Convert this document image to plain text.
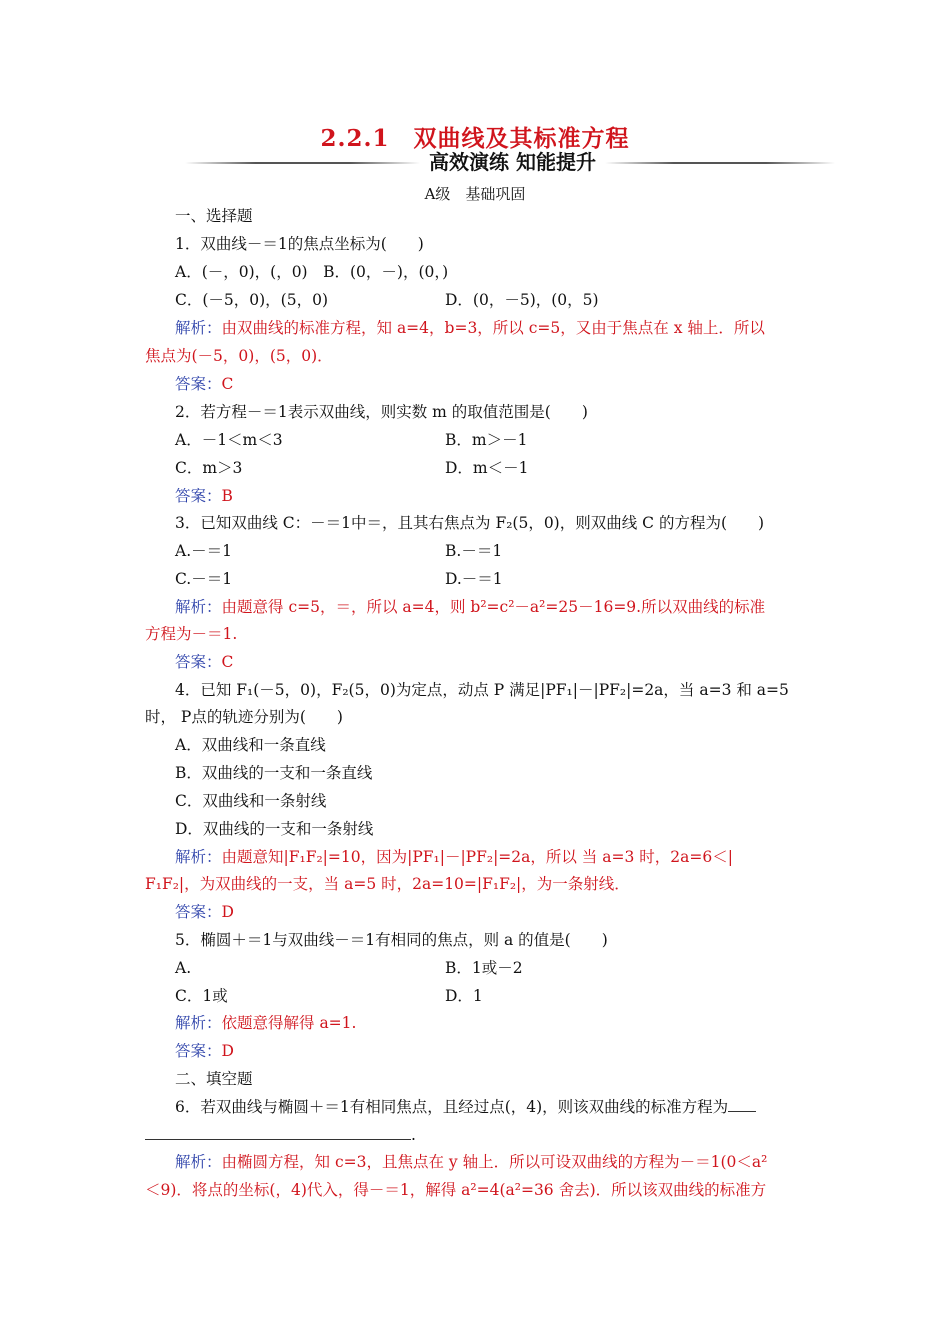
2.2.1　双曲线及其标准方程
高效演练 知能提升
A级　基础巩固
一、选择题
1．双曲线－＝1的焦点坐标为(　　)
A．(－，0)，(，0)　B．(0，－)，(0，)
C．(－5，0)，(5，0)	D．(0，－5)，(0，5)
解析：由双曲线的标准方程，知 a=4，b=3，所以 c=5，又由于焦点在 x 轴上．所以
焦点为(－5，0)，(5，0)．
答案：C
2．若方程－＝1表示双曲线，则实数 m 的取值范围是(　　)
A．－1＜m＜3	B．m＞－1
C．m＞3	D．m＜－1
答案：B
3．已知双曲线 C：－＝1中＝，且其右焦点为 F₂(5，0)，则双曲线 C 的方程为(　　)
A.－＝1	B.－＝1
C.－＝1	D.－＝1
解析：由题意得 c=5，＝，所以 a=4，则 b²=c²－a²=25－16=9.所以双曲线的标准
方程为－＝1.
答案：C
4．已知 F₁(－5，0)，F₂(5，0)为定点，动点 P 满足|PF₁|－|PF₂|=2a，当 a=3 和 a=5
时， P点的轨迹分别为(　　)
A．双曲线和一条直线
B．双曲线的一支和一条直线
C．双曲线和一条射线
D．双曲线的一支和一条射线
解析：由题意知|F₁F₂|=10，因为|PF₁|－|PF₂|=2a，所以 当 a=3 时，2a=6＜|
F₁F₂|，为双曲线的一支，当 a=5 时，2a=10=|F₁F₂|，为一条射线．
答案：D
5．椭圆＋＝1与双曲线－＝1有相同的焦点，则 a 的值是(　　)
A.	B．1或－2
C．1或	D．1
解析：依题意得解得 a=1.
答案：D
二、填空题
6．若双曲线与椭圆＋＝1有相同焦点，且经过点(，4)，则该双曲线的标准方程为
.
解析：由椭圆方程，知 c=3，且焦点在 y 轴上．所以可设双曲线的方程为－＝1(0＜a²
＜9)．将点的坐标(，4)代入，得－＝1，解得 a²=4(a²=36 舍去)．所以该双曲线的标准方
